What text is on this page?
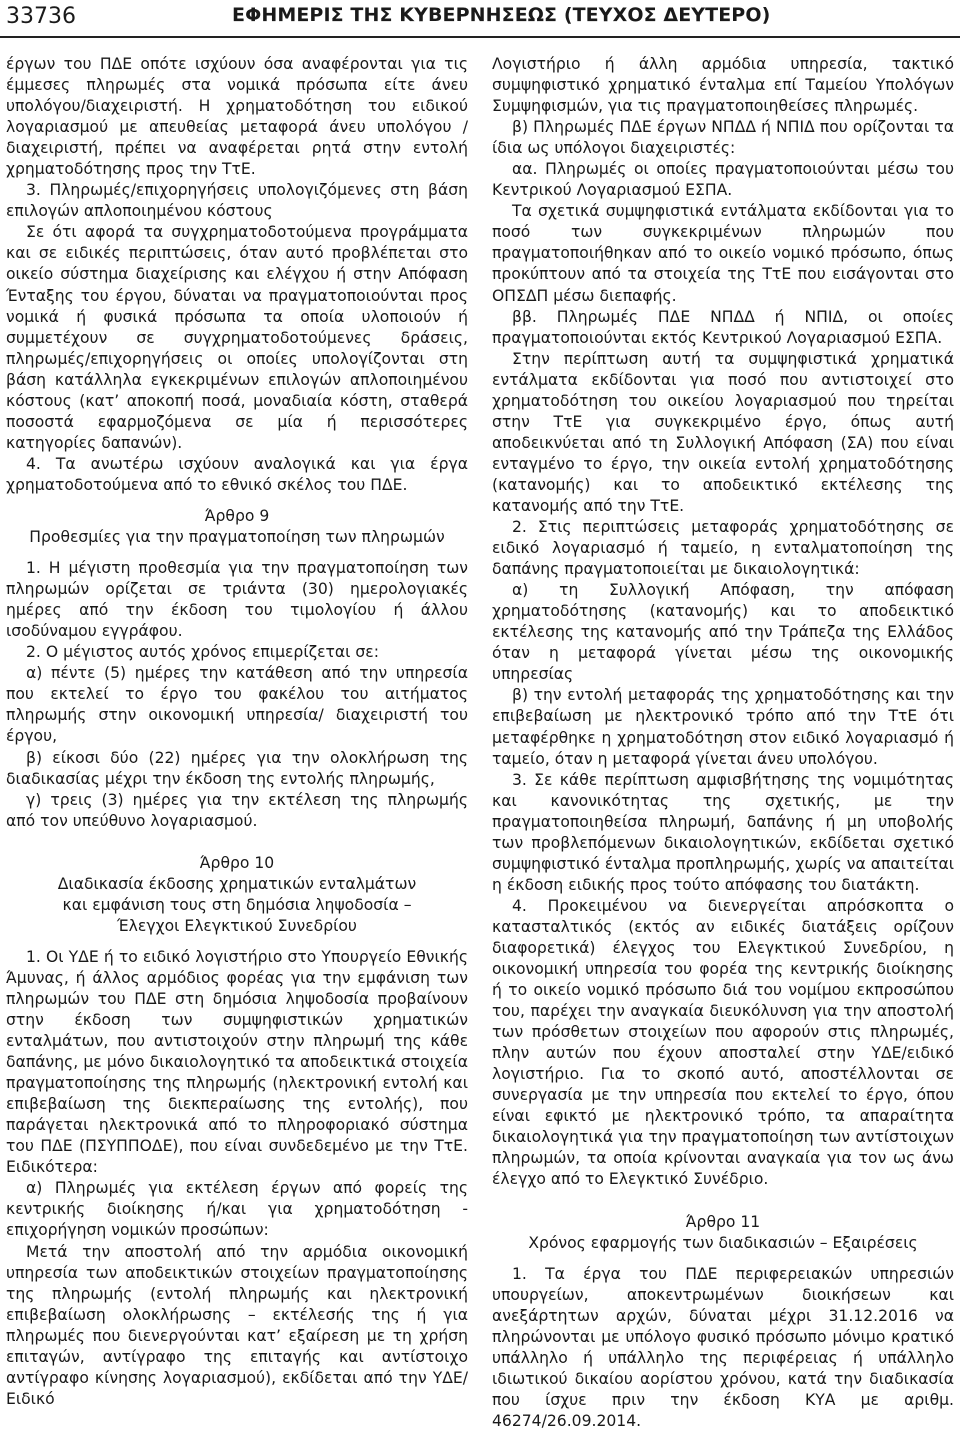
33736	ΕΦΗΜΕΡΙΣ ΤΗΣ ΚΥΒΕΡΝΗΣΕΩΣ (ΤΕΥΧΟΣ ΔΕΥΤΕΡΟ)

έργων του ΠΔΕ οπότε ισχύουν όσα αναφέρονται για τις έμμεσες πληρωμές στα νομικά πρόσωπα είτε άνευ υπολόγου/διαχειριστή. Η χρηματοδότηση του ειδικού λογαριασμού με απευθείας μεταφορά άνευ υπολόγου /διαχειριστή, πρέπει να αναφέρεται ρητά στην εντολή χρηματοδότησης προς την ΤτΕ.

3. Πληρωμές/επιχορηγήσεις υπολογιζόμενες στη βάση επιλογών απλοποιημένου κόστους

Σε ότι αφορά τα συγχρηματοδοτούμενα προγράμματα και σε ειδικές περιπτώσεις, όταν αυτό προβλέπεται στο οικείο σύστημα διαχείρισης και ελέγχου ή στην Απόφαση Ένταξης του έργου, δύναται να πραγματοποιούνται προς νομικά ή φυσικά πρόσωπα τα οποία υλοποιούν ή συμμετέχουν σε συγχρηματοδοτούμενες δράσεις, πληρωμές/επιχορηγήσεις οι οποίες υπολογίζονται στη βάση κατάλληλα εγκεκριμένων επιλογών απλοποιημένου κόστους (κατ’ αποκοπή ποσά, μοναδιαία κόστη, σταθερά ποσοστά εφαρμοζόμενα σε μία ή περισσότερες κατηγορίες δαπανών).

4. Τα ανωτέρω ισχύουν αναλογικά και για έργα χρηματοδοτούμενα από το εθνικό σκέλος του ΠΔΕ.

Άρθρο 9

Προθεσμίες για την πραγματοποίηση των πληρωμών

1. Η μέγιστη προθεσμία για την πραγματοποίηση των πληρωμών ορίζεται σε τριάντα (30) ημερολογιακές ημέρες από την έκδοση του τιμολογίου ή άλλου ισοδύναμου εγγράφου.

2. Ο μέγιστος αυτός χρόνος επιμερίζεται σε:

α) πέντε (5) ημέρες την κατάθεση από την υπηρεσία που εκτελεί το έργο του φακέλου του αιτήματος πληρωμής στην οικονομική υπηρεσία/ διαχειριστή του έργου,

β) είκοσι δύο (22) ημέρες για την ολοκλήρωση της διαδικασίας μέχρι την έκδοση της εντολής πληρωμής,

γ) τρεις (3) ημέρες για την εκτέλεση της πληρωμής από τον υπεύθυνο λογαριασμού.

Άρθρο 10

Διαδικασία έκδοσης χρηματικών ενταλμάτων

και εμφάνιση τους στη δημόσια ληψοδοσία –

Έλεγχοι Ελεγκτικού Συνεδρίου

1. Οι ΥΔΕ ή το ειδικό λογιστήριο στο Υπουργείο Εθνικής Άμυνας, ή άλλος αρμόδιος φορέας για την εμφάνιση των πληρωμών του ΠΔΕ στη δημόσια ληψοδοσία προβαίνουν στην έκδοση των συμψηφιστικών χρηματικών ενταλμάτων, που αντιστοιχούν στην πληρωμή της κάθε δαπάνης, με μόνο δικαιολογητικό τα αποδεικτικά στοιχεία πραγματοποίησης της πληρωμής (ηλεκτρονική εντολή και επιβεβαίωση της διεκπεραίωσης της εντολής), που παράγεται ηλεκτρονικά από το πληροφοριακό σύστημα του ΠΔΕ (ΠΣΥΠΠΟΔΕ), που είναι συνδεδεμένο με την ΤτΕ. Ειδικότερα:

α) Πληρωμές για εκτέλεση έργων από φορείς της κεντρικής διοίκησης ή/και για χρηματοδότηση - επιχορήγηση νομικών προσώπων:

Μετά την αποστολή από την αρμόδια οικονομική υπηρεσία των αποδεικτικών στοιχείων πραγματοποίησης της πληρωμής (εντολή πληρωμής και ηλεκτρονική επιβεβαίωση ολοκλήρωσης – εκτέλεσής της ή για πληρωμές που διενεργούνται κατ’ εξαίρεση με τη χρήση επιταγών, αντίγραφο της επιταγής και αντίστοιχο αντίγραφο κίνησης λογαριασμού), εκδίδεται από την ΥΔΕ/Ειδικό

Λογιστήριο ή άλλη αρμόδια υπηρεσία, τακτικό συμψηφιστικό χρηματικό ένταλμα επί Ταμείου Υπολόγων Συμψηφισμών, για τις πραγματοποιηθείσες πληρωμές.

β) Πληρωμές ΠΔΕ έργων ΝΠΔΔ ή ΝΠΙΔ που ορίζονται τα ίδια ως υπόλογοι διαχειριστές:

αα. Πληρωμές οι οποίες πραγματοποιούνται μέσω του Κεντρικού Λογαριασμού ΕΣΠΑ.

Τα σχετικά συμψηφιστικά εντάλματα εκδίδονται για το ποσό των συγκεκριμένων πληρωμών που πραγματοποιήθηκαν από το οικείο νομικό πρόσωπο, όπως προκύπτουν από τα στοιχεία της ΤτΕ που εισάγονται στο ΟΠΣΔΠ μέσω διεπαφής.

ββ. Πληρωμές ΠΔΕ ΝΠΔΔ ή ΝΠΙΔ, οι οποίες πραγματοποιούνται εκτός Κεντρικού Λογαριασμού ΕΣΠΑ.

Στην περίπτωση αυτή τα συμψηφιστικά χρηματικά εντάλματα εκδίδονται για ποσό που αντιστοιχεί στο χρηματοδότηση του οικείου λογαριασμού που τηρείται στην ΤτΕ για συγκεκριμένο έργο, όπως αυτή αποδεικνύεται από τη Συλλογική Απόφαση (ΣΑ) που είναι ενταγμένο το έργο, την οικεία εντολή χρηματοδότησης (κατανομής) και το αποδεικτικό εκτέλεσης της κατανομής από την ΤτΕ.

2. Στις περιπτώσεις μεταφοράς χρηματοδότησης σε ειδικό λογαριασμό ή ταμείο, η ενταλματοποίηση της δαπάνης πραγματοποιείται με δικαιολογητικά:

α) τη Συλλογική Απόφαση, την απόφαση χρηματοδότησης (κατανομής) και το αποδεικτικό εκτέλεσης της κατανομής από την Τράπεζα της Ελλάδος όταν η μεταφορά γίνεται μέσω της οικονομικής υπηρεσίας

β) την εντολή μεταφοράς της χρηματοδότησης και την επιβεβαίωση με ηλεκτρονικό τρόπο από την ΤτΕ ότι μεταφέρθηκε η χρηματοδότηση στον ειδικό λογαριασμό ή ταμείο, όταν η μεταφορά γίνεται άνευ υπολόγου.

3. Σε κάθε περίπτωση αμφισβήτησης της νομιμότητας και κανονικότητας της σχετικής, με την πραγματοποιηθείσα πληρωμή, δαπάνης ή μη υποβολής των προβλεπόμενων δικαιολογητικών, εκδίδεται σχετικό συμψηφιστικό ένταλμα προπληρωμής, χωρίς να απαιτείται η έκδοση ειδικής προς τούτο απόφασης του διατάκτη.

4. Προκειμένου να διενεργείται απρόσκοπτα ο κατασταλτικός (εκτός αν ειδικές διατάξεις ορίζουν διαφορετικά) έλεγχος του Ελεγκτικού Συνεδρίου, η οικονομική υπηρεσία του φορέα της κεντρικής διοίκησης ή το οικείο νομικό πρόσωπο διά του νομίμου εκπροσώπου του, παρέχει την αναγκαία διευκόλυνση για την αποστολή των πρόσθετων στοιχείων που αφορούν στις πληρωμές, πλην αυτών που έχουν αποσταλεί στην ΥΔΕ/ειδικό λογιστήριο. Για το σκοπό αυτό, αποστέλλονται σε συνεργασία με την υπηρεσία που εκτελεί το έργο, όπου είναι εφικτό με ηλεκτρονικό τρόπο, τα απαραίτητα δικαιολογητικά για την πραγματοποίηση των αντίστοιχων πληρωμών, τα οποία κρίνονται αναγκαία για τον ως άνω έλεγχο από το Ελεγκτικό Συνέδριο.

Άρθρο 11

Χρόνος εφαρμογής των διαδικασιών – Εξαιρέσεις

1. Τα έργα του ΠΔΕ περιφερειακών υπηρεσιών υπουργείων, αποκεντρωμένων διοικήσεων και ανεξάρτητων αρχών, δύναται μέχρι 31.12.2016 να πληρώνονται με υπόλογο φυσικό πρόσωπο μόνιμο κρατικό υπάλληλο ή υπάλληλο της περιφέρειας ή υπάλληλο ιδιωτικού δικαίου αορίστου χρόνου, κατά την διαδικασία που ίσχυε πριν την έκδοση ΚΥΑ με αριθμ. 46274/26.09.2014.
